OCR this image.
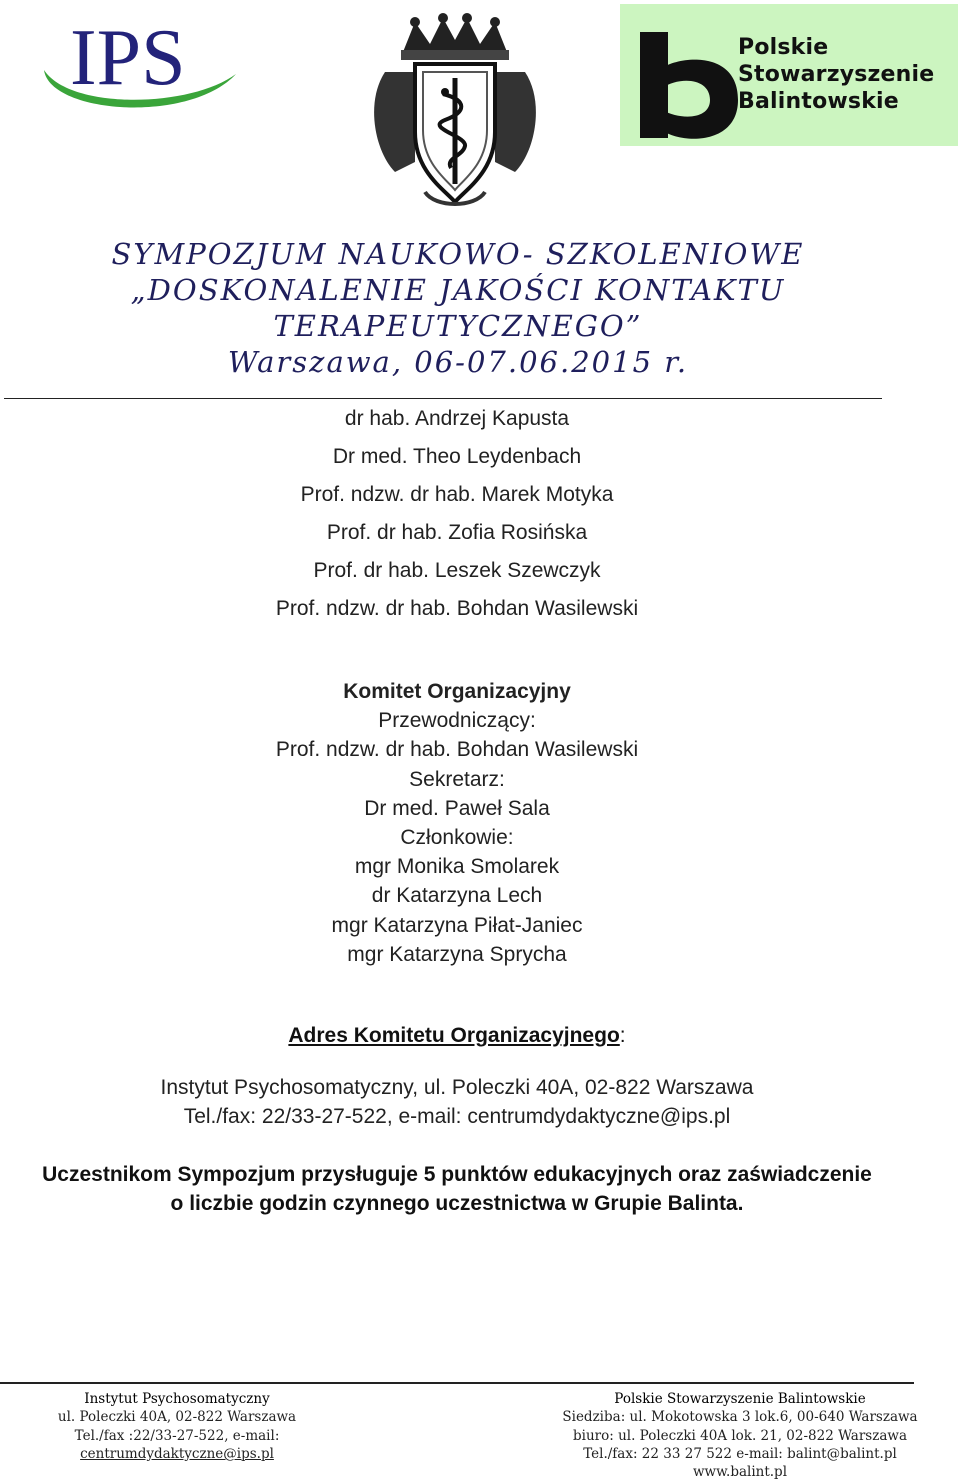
IPS	Polskie
Stowarzyszenie
Balintowskie
SYMPOZJUM NAUKOWO- SZKOLENIOWE
„DOSKONALENIE JAKOŚCI KONTAKTU
TERAPEUTYCZNEGO”
Warszawa, 06-07.06.2015 r.
dr hab. Andrzej Kapusta
Dr med. Theo Leydenbach
Prof. ndzw. dr hab. Marek Motyka
Prof. dr hab. Zofia Rosińska
Prof. dr hab. Leszek Szewczyk
Prof. ndzw. dr hab. Bohdan Wasilewski
Komitet Organizacyjny
Przewodniczący:
Prof. ndzw. dr hab. Bohdan Wasilewski
Sekretarz:
Dr med. Paweł Sala
Członkowie:
mgr Monika Smolarek
dr Katarzyna Lech
mgr Katarzyna Piłat-Janiec
mgr Katarzyna Sprycha
Adres Komitetu Organizacyjnego:
Instytut Psychosomatyczny, ul. Poleczki 40A, 02-822 Warszawa
Tel./fax: 22/33-27-522, e-mail: centrumdydaktyczne@ips.pl
Uczestnikom Sympozjum przysługuje 5 punktów edukacyjnych oraz zaświadczenie
o liczbie godzin czynnego uczestnictwa w Grupie Balinta.
Instytut Psychosomatyczny
ul. Poleczki 40A, 02-822 Warszawa
Tel./fax :22/33-27-522, e-mail:
centrumdydaktyczne@ips.pl
Polskie Stowarzyszenie Balintowskie
Siedziba: ul. Mokotowska 3 lok.6, 00-640 Warszawa
biuro: ul. Poleczki 40A lok. 21, 02-822 Warszawa
Tel./fax: 22 33 27 522 e-mail: balint@balint.pl
www.balint.pl
